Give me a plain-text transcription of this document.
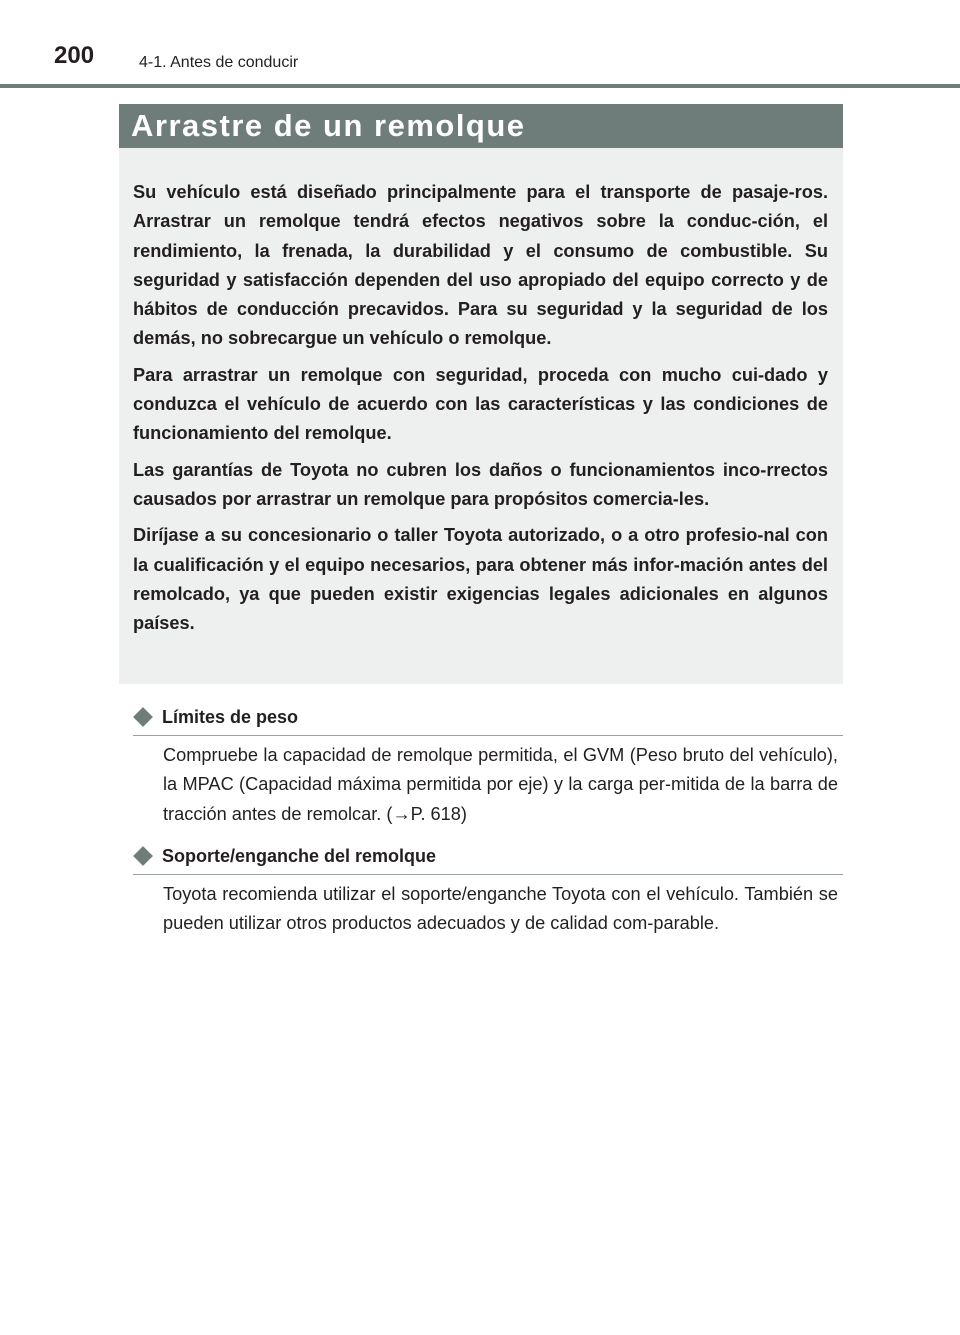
200	4-1. Antes de conducir
Arrastre de un remolque

Su vehículo está diseñado principalmente para el transporte de pasaje-ros. Arrastrar un remolque tendrá efectos negativos sobre la conduc-ción, el rendimiento, la frenada, la durabilidad y el consumo de combustible. Su seguridad y satisfacción dependen del uso apropiado del equipo correcto y de hábitos de conducción precavidos. Para su seguridad y la seguridad de los demás, no sobrecargue un vehículo o remolque.

Para arrastrar un remolque con seguridad, proceda con mucho cui-dado y conduzca el vehículo de acuerdo con las características y las condiciones de funcionamiento del remolque.

Las garantías de Toyota no cubren los daños o funcionamientos inco-rrectos causados por arrastrar un remolque para propósitos comercia-les.

Diríjase a su concesionario o taller Toyota autorizado, o a otro profesio-nal con la cualificación y el equipo necesarios, para obtener más infor-mación antes del remolcado, ya que pueden existir exigencias legales adicionales en algunos países.

Límites de peso

Compruebe la capacidad de remolque permitida, el GVM (Peso bruto del vehículo), la MPAC (Capacidad máxima permitida por eje) y la carga per-mitida de la barra de tracción antes de remolcar. (→P. 618)

Soporte/enganche del remolque

Toyota recomienda utilizar el soporte/enganche Toyota con el vehículo. También se pueden utilizar otros productos adecuados y de calidad com-parable.
